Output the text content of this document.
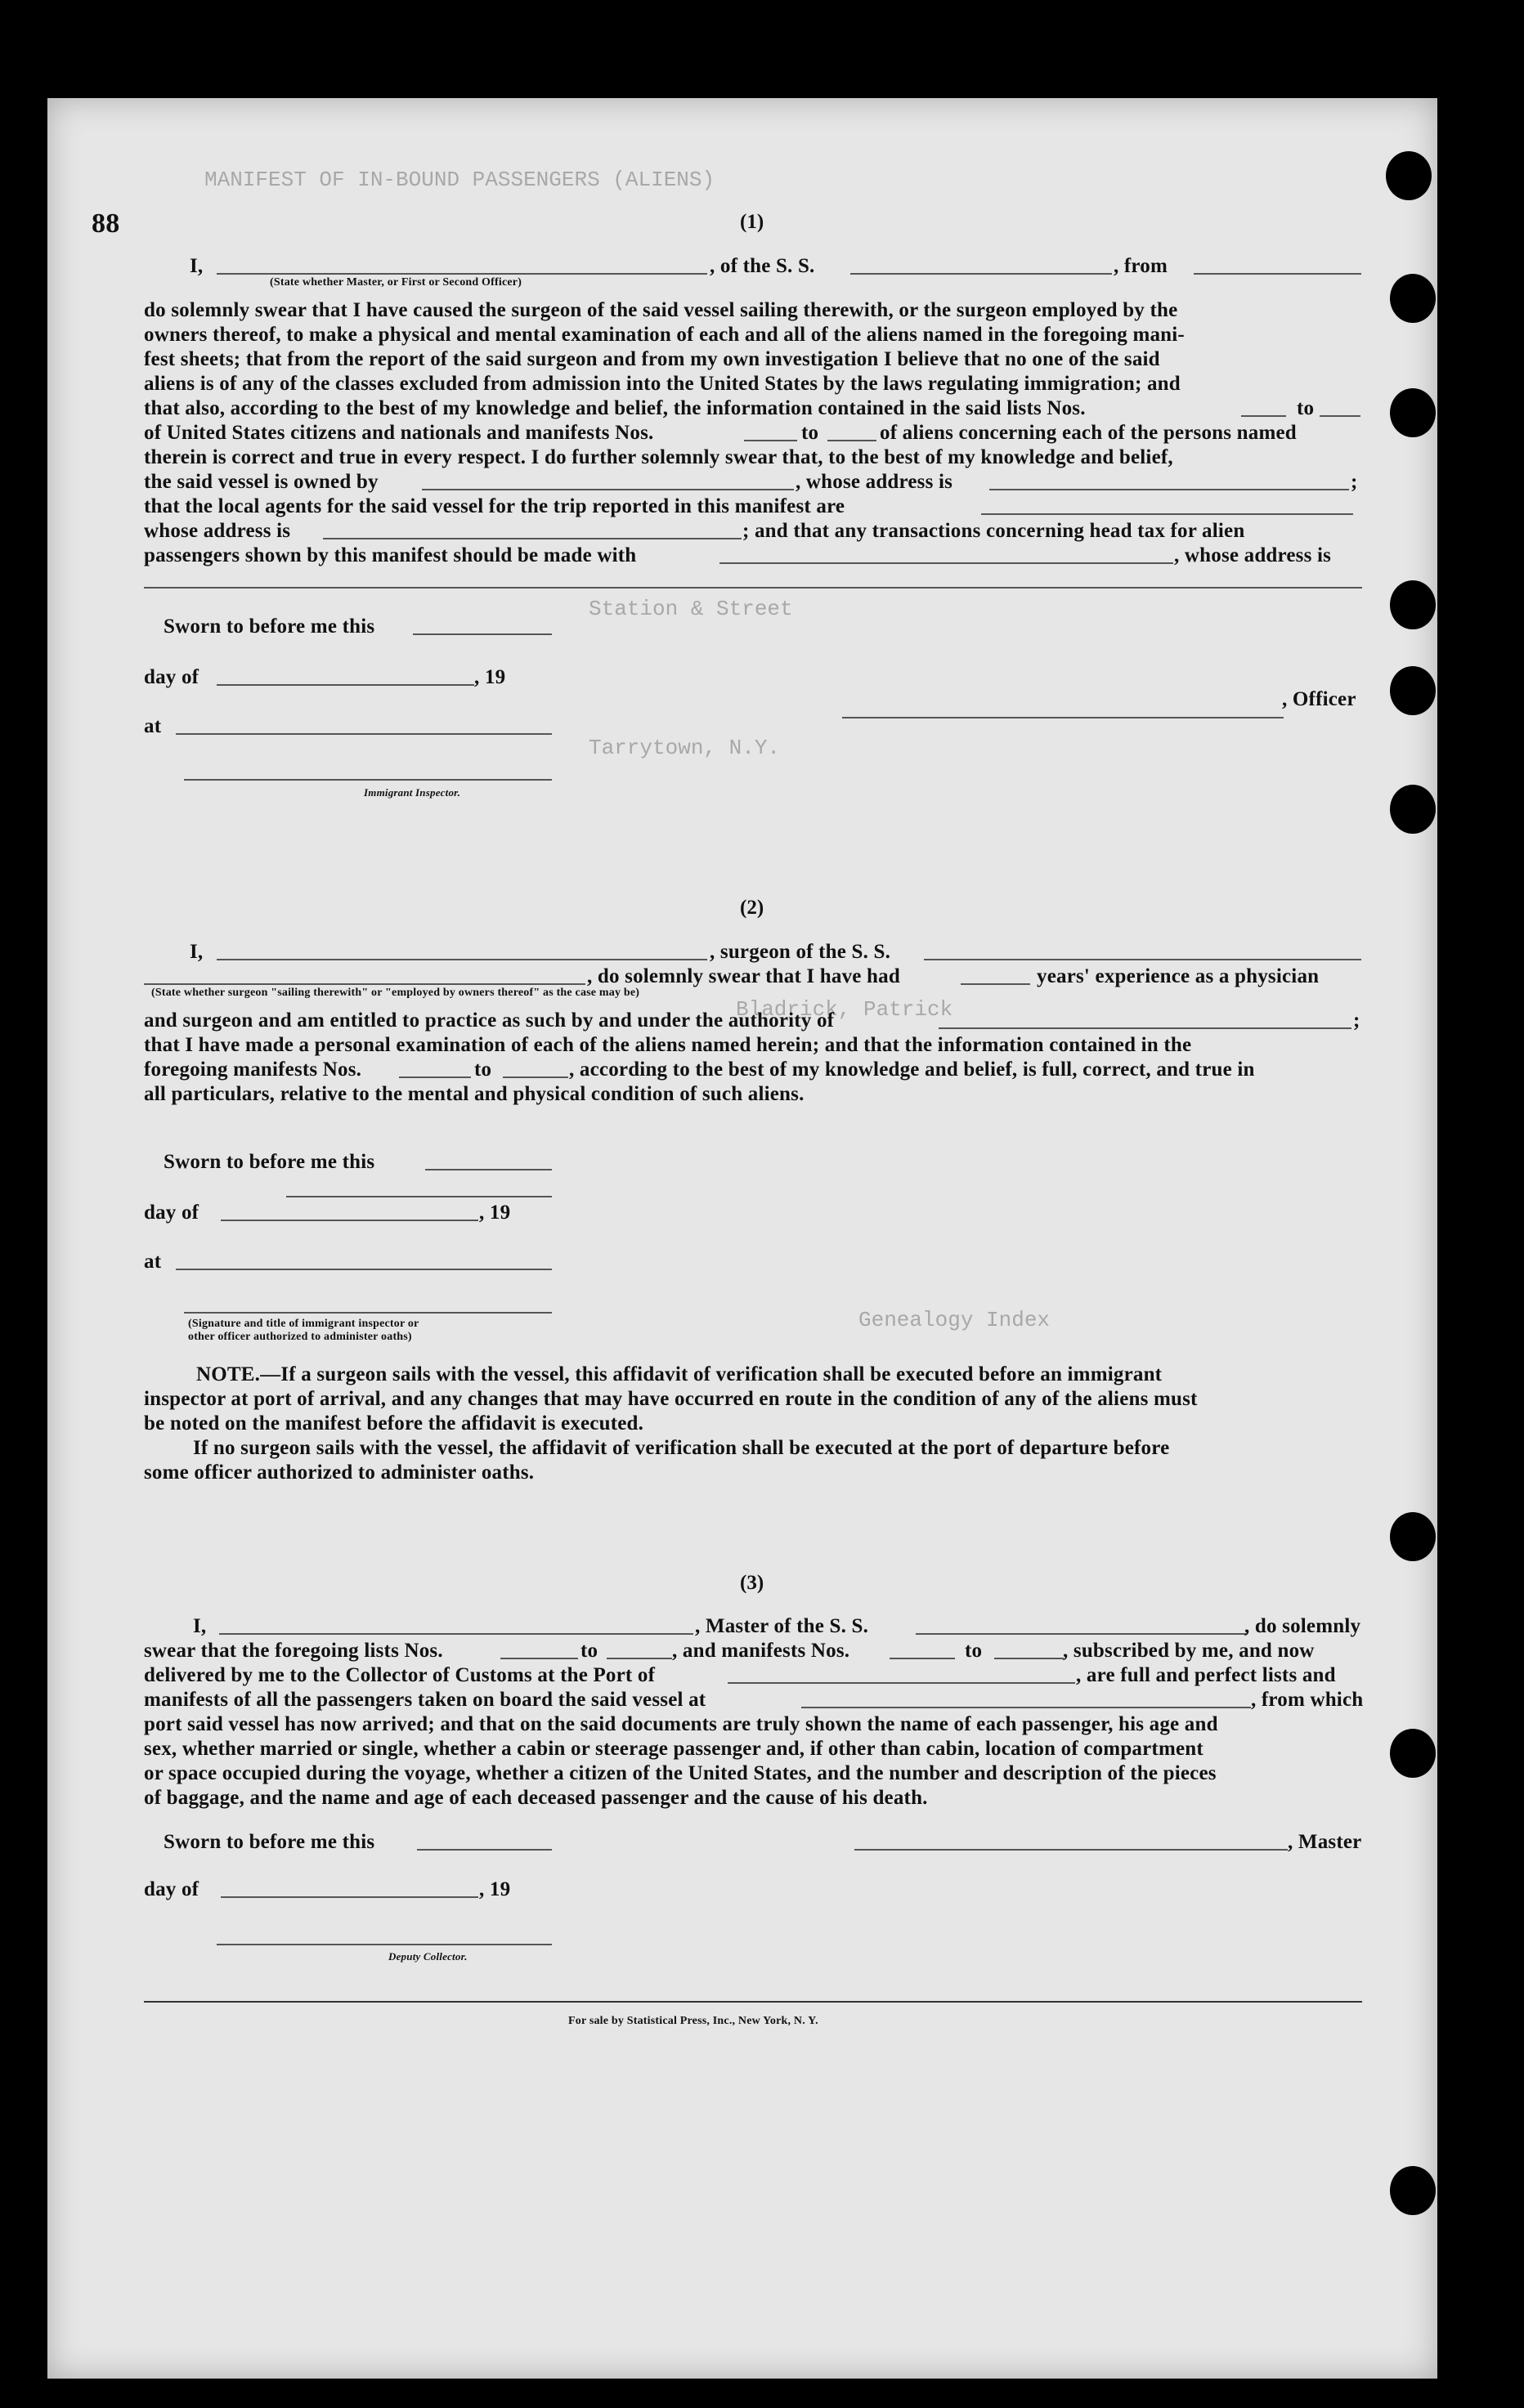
MANIFEST OF IN-BOUND PASSENGERS (ALIENS)
Station & Street
Tarrytown, N.Y.
Bladrick, Patrick
Genealogy Index
88	(1)
I,	, of the S. S.	, from
(State whether Master, or First or Second Officer)
do solemnly swear that I have caused the surgeon of the said vessel sailing therewith, or the surgeon employed by the
owners thereof, to make a physical and mental examination of each and all of the aliens named in the foregoing mani-
fest sheets; that from the report of the said surgeon and from my own investigation I believe that no one of the said
aliens is of any of the classes excluded from admission into the United States by the laws regulating immigration; and
that also, according to the best of my knowledge and belief, the information contained in the said lists Nos.	to
of United States citizens and nationals and manifests Nos.	to	of aliens concerning each of the persons named
therein is correct and true in every respect. I do further solemnly swear that, to the best of my knowledge and belief,
the said vessel is owned by	, whose address is	;
that the local agents for the said vessel for the trip reported in this manifest are
whose address is	; and that any transactions concerning head tax for alien
passengers shown by this manifest should be made with	, whose address is
Sworn to before me this
day of	, 19
at
Immigrant Inspector.
, Officer
(2)
I,	, surgeon of the S. S.
, do solemnly swear that I have had	years' experience as a physician
(State whether surgeon "sailing therewith" or "employed by owners thereof" as the case may be)
and surgeon and am entitled to practice as such by and under the authority of	;
that I have made a personal examination of each of the aliens named herein; and that the information contained in the
foregoing manifests Nos.	to	, according to the best of my knowledge and belief, is full, correct, and true in
all particulars, relative to the mental and physical condition of such aliens.
Sworn to before me this
day of	, 19
at
(Signature and title of immigrant inspector or
other officer authorized to administer oaths)
NOTE.—If a surgeon sails with the vessel, this affidavit of verification shall be executed before an immigrant
inspector at port of arrival, and any changes that may have occurred en route in the condition of any of the aliens must
be noted on the manifest before the affidavit is executed.
If no surgeon sails with the vessel, the affidavit of verification shall be executed at the port of departure before
some officer authorized to administer oaths.
(3)
I,	, Master of the S. S.	, do solemnly
swear that the foregoing lists Nos.	to	, and manifests Nos.	to	, subscribed by me, and now
delivered by me to the Collector of Customs at the Port of	, are full and perfect lists and
manifests of all the passengers taken on board the said vessel at	, from which
port said vessel has now arrived; and that on the said documents are truly shown the name of each passenger, his age and
sex, whether married or single, whether a cabin or steerage passenger and, if other than cabin, location of compartment
or space occupied during the voyage, whether a citizen of the United States, and the number and description of the pieces
of baggage, and the name and age of each deceased passenger and the cause of his death.
Sworn to before me this	, Master
day of	, 19
Deputy Collector.
For sale by Statistical Press, Inc., New York, N. Y.
